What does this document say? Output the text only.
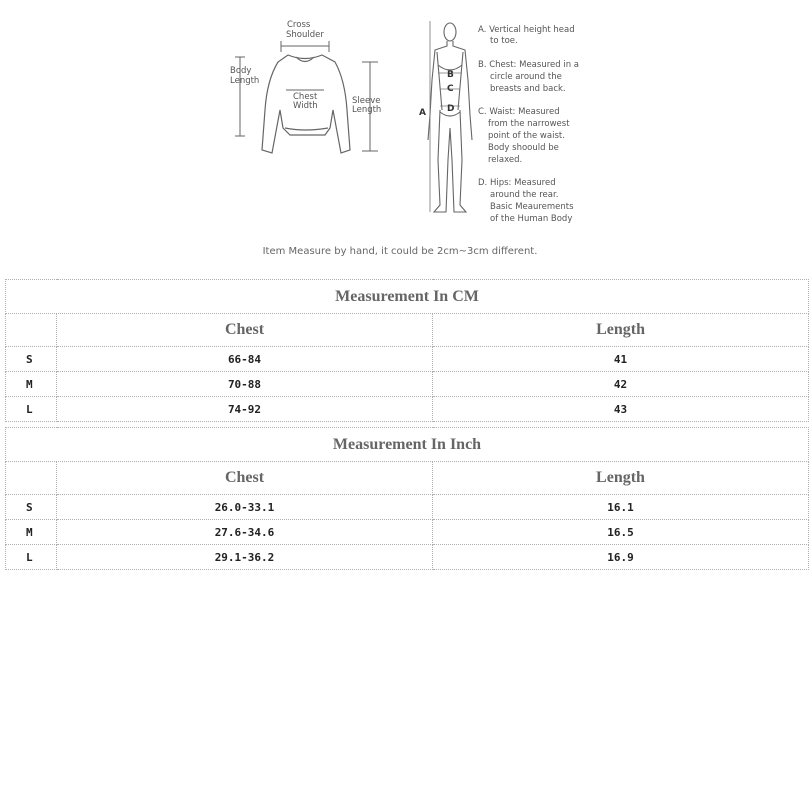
Cross
Shoulder
Body
Length
Chest
Width	Sleeve
Length	A
B
C
D
A. Vertical height head
to toe.
B. Chest: Measured in a
circle around the
breasts and back.
C. Waist: Measured
from the narrowest
point of the waist.
Body shoould be
relaxed.
D. Hips: Measured
around the rear.
Basic Meaurements
of the Human Body
Item Measure by hand, it could be 2cm~3cm different.
Measurement In CM		
	Chest	Length
S	66-84	41
M	70-88	42
L	74-92	43
Measurement In Inch		
	Chest	Length
S	26.0-33.1	16.1
M	27.6-34.6	16.5
L	29.1-36.2	16.9
